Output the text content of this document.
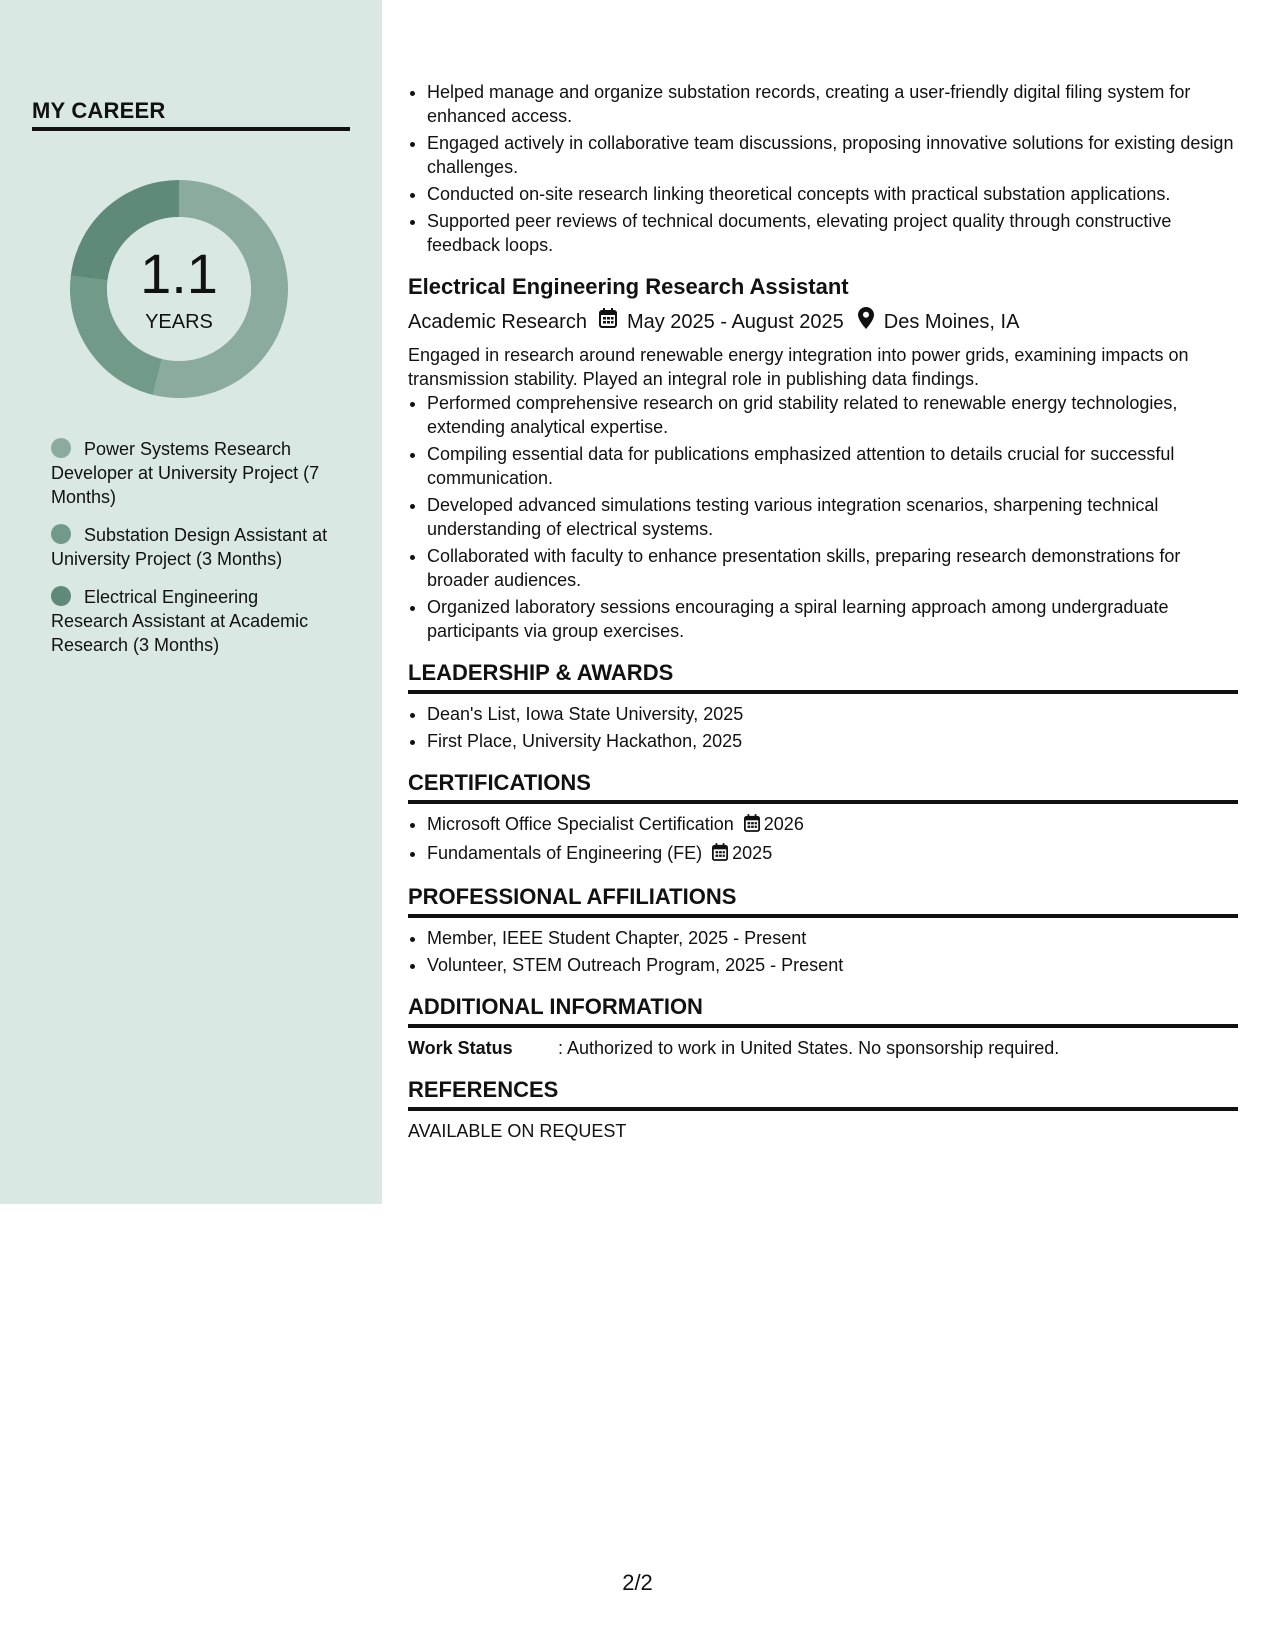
MY CAREER
1.1
YEARS
Power Systems Research Developer at University Project (7 Months)
Substation Design Assistant at University Project (3 Months)
Electrical Engineering Research Assistant at Academic Research (3 Months)
• Helped manage and organize substation records, creating a user-friendly digital filing system for enhanced access.
• Engaged actively in collaborative team discussions, proposing innovative solutions for existing design challenges.
• Conducted on-site research linking theoretical concepts with practical substation applications.
• Supported peer reviews of technical documents, elevating project quality through constructive feedback loops.
Electrical Engineering Research Assistant
Academic Research May 2025 - August 2025 Des Moines, IA
Engaged in research around renewable energy integration into power grids, examining impacts on transmission stability. Played an integral role in publishing data findings.
• Performed comprehensive research on grid stability related to renewable energy technologies, extending analytical expertise.
• Compiling essential data for publications emphasized attention to details crucial for successful communication.
• Developed advanced simulations testing various integration scenarios, sharpening technical understanding of electrical systems.
• Collaborated with faculty to enhance presentation skills, preparing research demonstrations for broader audiences.
• Organized laboratory sessions encouraging a spiral learning approach among undergraduate participants via group exercises.
LEADERSHIP & AWARDS
• Dean's List, Iowa State University, 2025
• First Place, University Hackathon, 2025
CERTIFICATIONS
• Microsoft Office Specialist Certification 2026
• Fundamentals of Engineering (FE) 2025
PROFESSIONAL AFFILIATIONS
• Member, IEEE Student Chapter, 2025 - Present
• Volunteer, STEM Outreach Program, 2025 - Present
ADDITIONAL INFORMATION
Work Status	: Authorized to work in United States. No sponsorship required.
REFERENCES
AVAILABLE ON REQUEST
2/2
